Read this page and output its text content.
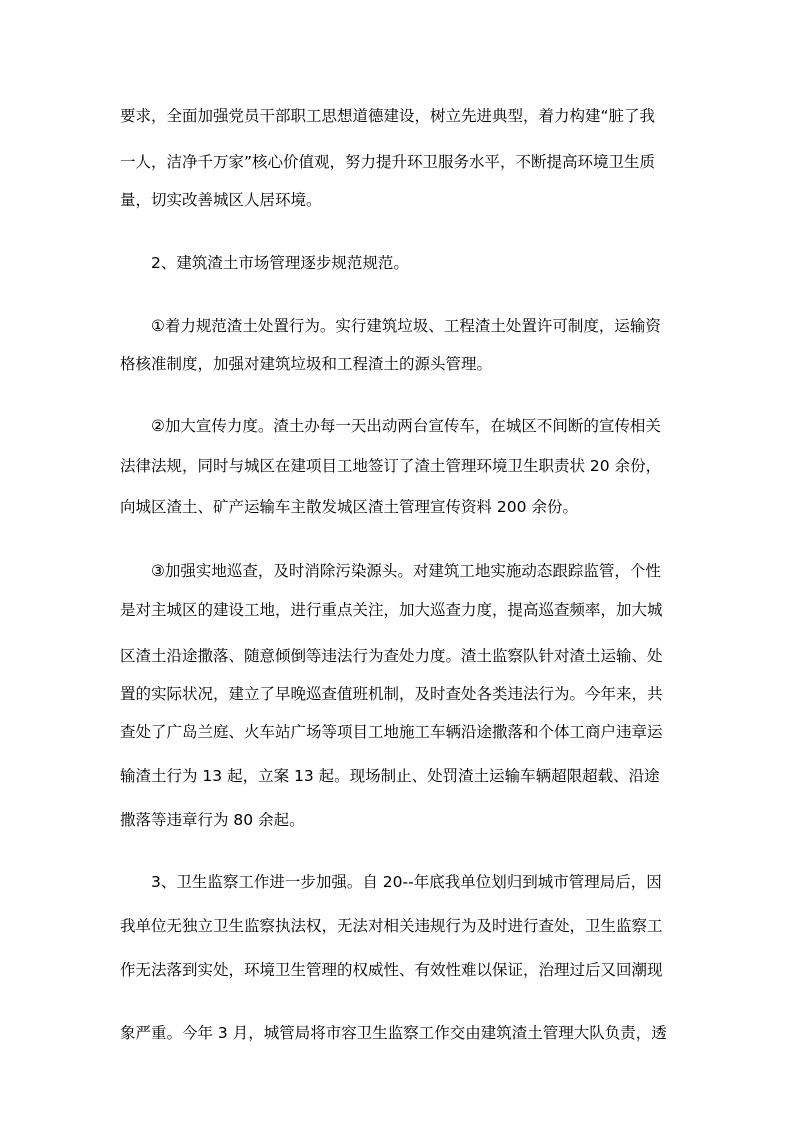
要求，全面加强党员干部职工思想道德建设，树立先进典型，着力构建“脏了我
一人，洁净千万家”核心价值观，努力提升环卫服务水平，不断提高环境卫生质
量，切实改善城区人居环境。
　　2、建筑渣土市场管理逐步规范规范。
　　①着力规范渣土处置行为。实行建筑垃圾、工程渣土处置许可制度，运输资
格核准制度，加强对建筑垃圾和工程渣土的源头管理。
　　②加大宣传力度。渣土办每一天出动两台宣传车，在城区不间断的宣传相关
法律法规，同时与城区在建项目工地签订了渣土管理环境卫生职责状 20 余份，
向城区渣土、矿产运输车主散发城区渣土管理宣传资料 200 余份。
　　③加强实地巡查，及时消除污染源头。对建筑工地实施动态跟踪监管，个性
是对主城区的建设工地，进行重点关注，加大巡查力度，提高巡查频率，加大城
区渣土沿途撒落、随意倾倒等违法行为查处力度。渣土监察队针对渣土运输、处
置的实际状况，建立了早晚巡查值班机制，及时查处各类违法行为。今年来，共
查处了广岛兰庭、火车站广场等项目工地施工车辆沿途撒落和个体工商户违章运
输渣土行为 13 起，立案 13 起。现场制止、处罚渣土运输车辆超限超载、沿途
撒落等违章行为 80 余起。
　　3、卫生监察工作进一步加强。自 20--年底我单位划归到城市管理局后，因
我单位无独立卫生监察执法权，无法对相关违规行为及时进行查处，卫生监察工
作无法落到实处，环境卫生管理的权威性、有效性难以保证，治理过后又回潮现
象严重。今年 3 月，城管局将市容卫生监察工作交由建筑渣土管理大队负责，透
